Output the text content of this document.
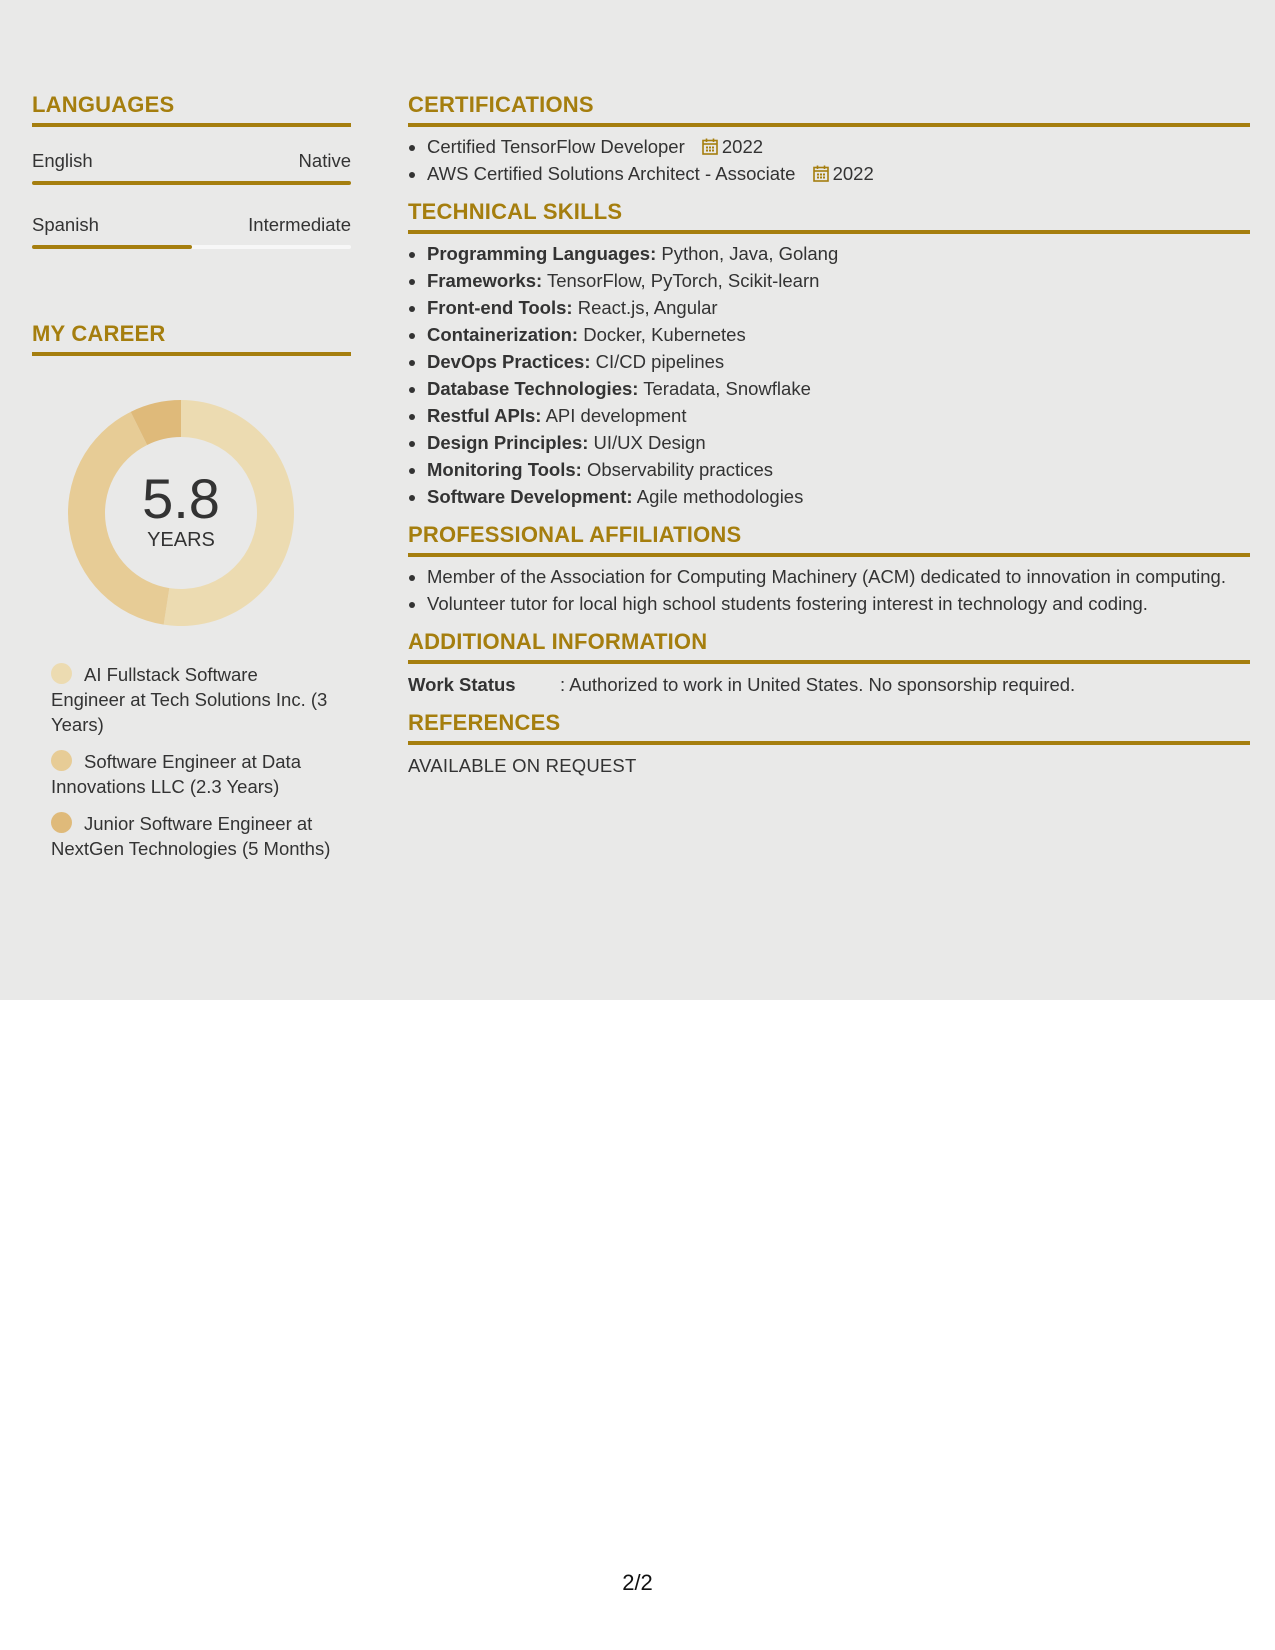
LANGUAGES
English	Native
Spanish	Intermediate
MY CAREER
5.8
YEARS
AI Fullstack Software Engineer at Tech Solutions Inc. (3 Years)
Software Engineer at Data Innovations LLC (2.3 Years)
Junior Software Engineer at NextGen Technologies (5 Months)
CERTIFICATIONS
• Certified TensorFlow Developer 2022
• AWS Certified Solutions Architect - Associate 2022
TECHNICAL SKILLS
• Programming Languages: Python, Java, Golang
• Frameworks: TensorFlow, PyTorch, Scikit-learn
• Front-end Tools: React.js, Angular
• Containerization: Docker, Kubernetes
• DevOps Practices: CI/CD pipelines
• Database Technologies: Teradata, Snowflake
• Restful APIs: API development
• Design Principles: UI/UX Design
• Monitoring Tools: Observability practices
• Software Development: Agile methodologies
PROFESSIONAL AFFILIATIONS
• Member of the Association for Computing Machinery (ACM) dedicated to innovation in computing.
• Volunteer tutor for local high school students fostering interest in technology and coding.
ADDITIONAL INFORMATION
Work Status	: Authorized to work in United States. No sponsorship required.
REFERENCES
AVAILABLE ON REQUEST
2/2
